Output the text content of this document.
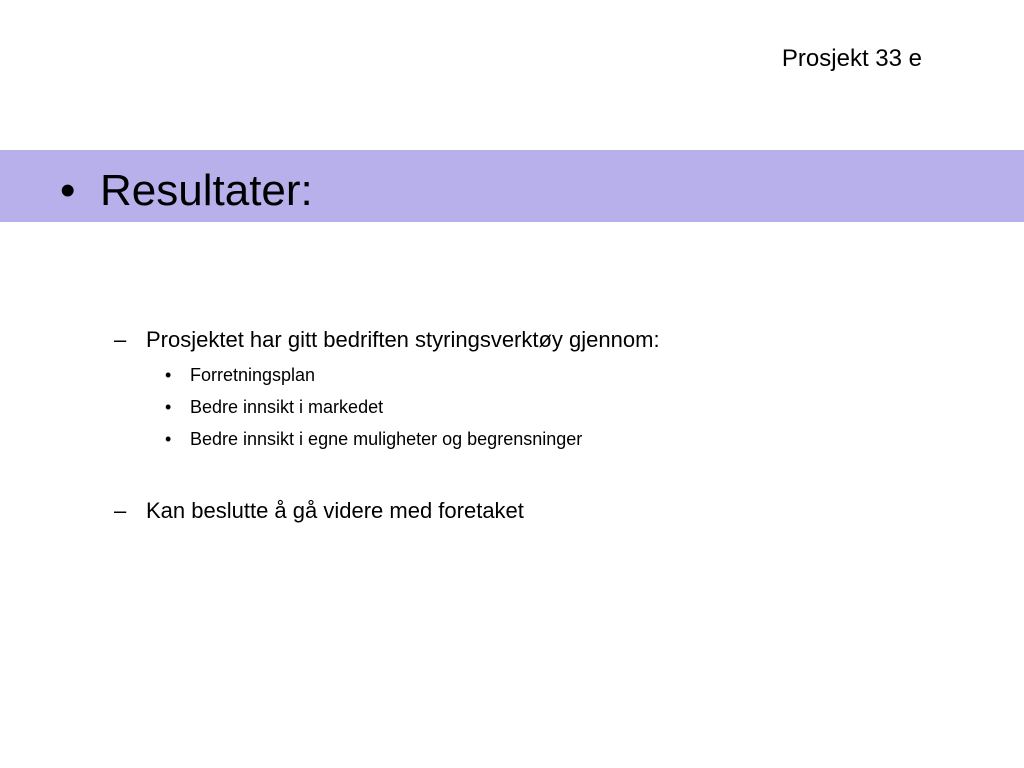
Prosjekt 33 e
• Resultater:
– Prosjektet har gitt bedriften styringsverktøy gjennom:
•	Forretningsplan
•	Bedre innsikt i markedet
•	Bedre innsikt i egne muligheter og begrensninger
– Kan beslutte å gå videre med foretaket
